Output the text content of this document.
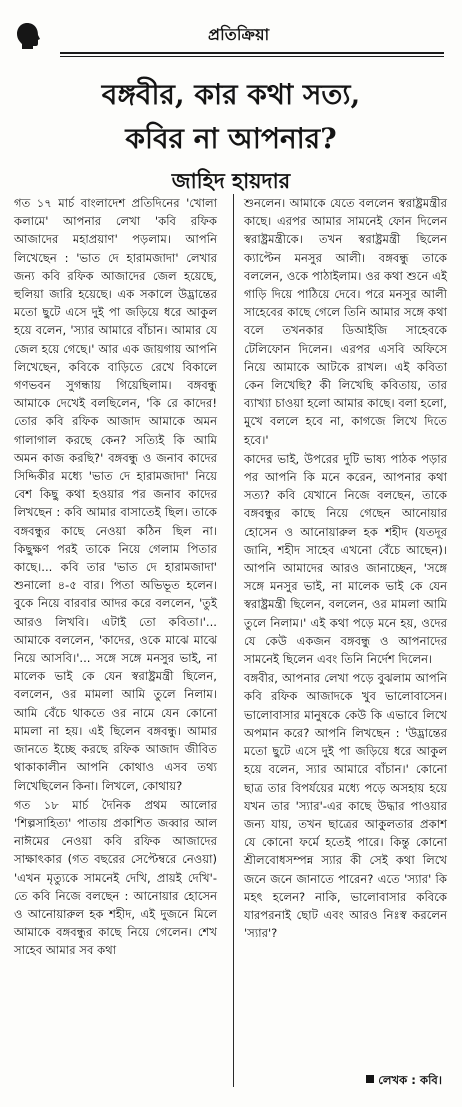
প্রতিক্রিয়া
বঙ্গবীর, কার কথা সত্য,
কবির না আপনার?
জাহিদ হায়দার

গত ১৭ মার্চ বাংলাদেশ প্রতিদিনের 'খোলা কলামে' আপনার লেখা 'কবি রফিক আজাদের মহাপ্রয়াণ' পড়লাম। আপনি লিখেছেন : 'ভাত দে হারামজাদা' লেখার জন্য কবি রফিক আজাদের জেল হয়েছে, হুলিয়া জারি হয়েছে। এক সকালে উদ্ভ্রান্তের মতো ছুটে এসে দুই পা জড়িয়ে ধরে আকুল হয়ে বলেন, 'স্যার আমারে বাঁচান। আমার যে জেল হয়ে গেছে।' আর এক জায়গায় আপনি লিখেছেন, কবিকে বাড়িতে রেখে বিকালে গণভবন সুগন্ধায় গিয়েছিলাম। বঙ্গবন্ধু আমাকে দেখেই বলছিলেন, 'কি রে কাদের! তোর কবি রফিক আজাদ আমাকে অমন গালাগাল করছে কেন? সত্যিই কি আমি অমন কাজ করছি?' বঙ্গবন্ধু ও জনাব কাদের সিদ্দিকীর মধ্যে 'ভাত দে হারামজাদা' নিয়ে বেশ কিছু কথা হওয়ার পর জনাব কাদের লিখছেন : কবি আমার বাসাতেই ছিল। তাকে বঙ্গবন্ধুর কাছে নেওয়া কঠিন ছিল না। কিছুক্ষণ পরই তাকে নিয়ে গেলাম পিতার কাছে।... কবি তার 'ভাত দে হারামজাদা' শুনালো ৪-৫ বার। পিতা অভিভূত হলেন। বুকে নিয়ে বারবার আদর করে বললেন, 'তুই আরও লিখবি। এটাই তো কবিতা।'... আমাকে বললেন, 'কাদের, ওকে মাঝে মাঝে নিয়ে আসবি।'... সঙ্গে সঙ্গে মনসুর ভাই, না মালেক ভাই কে যেন স্বরাষ্ট্রমন্ত্রী ছিলেন, বললেন, ওর মামলা আমি তুলে নিলাম। আমি বেঁচে থাকতে ওর নামে যেন কোনো মামলা না হয়। এই ছিলেন বঙ্গবন্ধু। আমার জানতে ইচ্ছে করছে রফিক আজাদ জীবিত থাকাকালীন আপনি কোথাও এসব তথ্য লিখেছিলেন কিনা। লিখলে, কোথায়?

গত ১৮ মার্চ দৈনিক প্রথম আলোর 'শিল্পসাহিত্য' পাতায় প্রকাশিত জব্বার আল নাঈমের নেওয়া কবি রফিক আজাদের সাক্ষাৎকার (গত বছরের সেপ্টেম্বরে নেওয়া) 'এখন মৃত্যুকে সামনেই দেখি, প্রায়ই দেখি'-তে কবি নিজে বলছেন : আনোয়ার হোসেন ও আনোয়ারুল হক শহীদ, এই দুজনে মিলে আমাকে বঙ্গবন্ধুর কাছে নিয়ে গেলেন। শেখ সাহেব আমার সব কথা

শুনলেন। আমাকে যেতে বললেন স্বরাষ্ট্রমন্ত্রীর কাছে। এরপর আমার সামনেই ফোন দিলেন স্বরাষ্ট্রমন্ত্রীকে। তখন স্বরাষ্ট্রমন্ত্রী ছিলেন ক্যাপ্টেন মনসুর আলী। বঙ্গবন্ধু তাকে বললেন, ওকে পাঠাইলাম। ওর কথা শুনে এই গাড়ি দিয়ে পাঠিয়ে দেবে। পরে মনসুর আলী সাহেবের কাছে গেলে তিনি আমার সঙ্গে কথা বলে তখনকার ডিআইজি সাহেবকে টেলিফোন দিলেন। এরপর এসবি অফিসে নিয়ে আমাকে আটকে রাখল। এই কবিতা কেন লিখেছি? কী লিখেছি কবিতায়, তার ব্যাখ্যা চাওয়া হলো আমার কাছে। বলা হলো, মুখে বললে হবে না, কাগজে লিখে দিতে হবে।'

কাদের ভাই, উপরের দুটি ভাষ্য পাঠক পড়ার পর আপনি কি মনে করেন, আপনার কথা সত্য? কবি যেখানে নিজে বলছেন, তাকে বঙ্গবন্ধুর কাছে নিয়ে গেছেন আনোয়ার হোসেন ও আনোয়ারুল হক শহীদ (যতদূর জানি, শহীদ সাহেব এখনো বেঁচে আছেন)। আপনি আমাদের আরও জানাচ্ছেন, 'সঙ্গে সঙ্গে মনসুর ভাই, না মালেক ভাই কে যেন স্বরাষ্ট্রমন্ত্রী ছিলেন, বললেন, ওর মামলা আমি তুলে নিলাম।' এই কথা পড়ে মনে হয়, ওদের যে কেউ একজন বঙ্গবন্ধু ও আপনাদের সামনেই ছিলেন এবং তিনি নির্দেশ দিলেন।

বঙ্গবীর, আপনার লেখা পড়ে বুঝলাম আপনি কবি রফিক আজাদকে খুব ভালোবাসেন। ভালোবাসার মানুষকে কেউ কি এভাবে লিখে অপমান করে? আপনি লিখছেন : 'উদ্ভ্রান্তের মতো ছুটে এসে দুই পা জড়িয়ে ধরে আকুল হয়ে বলেন, স্যার আমারে বাঁচান।' কোনো ছাত্র তার বিপর্যয়ের মধ্যে পড়ে অসহায় হয়ে যখন তার 'স্যার'-এর কাছে উদ্ধার পাওয়ার জন্য যায়, তখন ছাত্রের আকুলতার প্রকাশ যে কোনো ফর্মে হতেই পারে। কিন্তু কোনো শ্রীলবোধসম্পন্ন স্যার কী সেই কথা লিখে জনে জনে জানাতে পারেন? এতে 'স্যার' কি মহৎ হলেন? নাকি, ভালোবাসার কবিকে যারপরনাই ছোট এবং আরও নিঃস্ব করলেন 'স্যার'?

লেখক : কবি।
